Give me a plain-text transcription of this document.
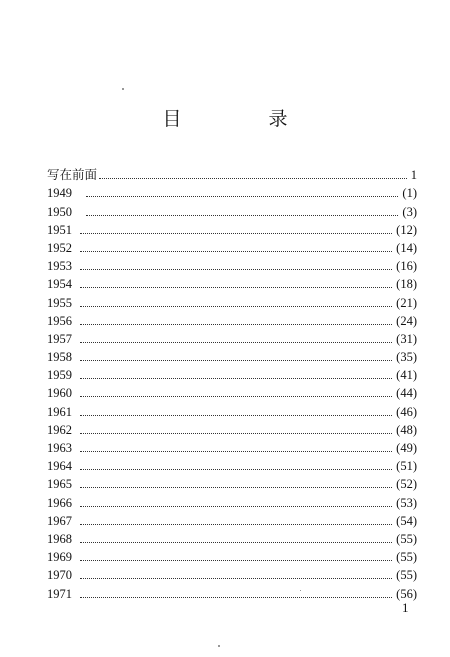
目　录
写在前面	1
1949	(1)
1950	(3)
1951	(12)
1952	(14)
1953	(16)
1954	(18)
1955	(21)
1956	(24)
1957	(31)
1958	(35)
1959	(41)
1960	(44)
1961	(46)
1962	(48)
1963	(49)
1964	(51)
1965	(52)
1966	(53)
1967	(54)
1968	(55)
1969	(55)
1970	(55)
1971	(56)
1
